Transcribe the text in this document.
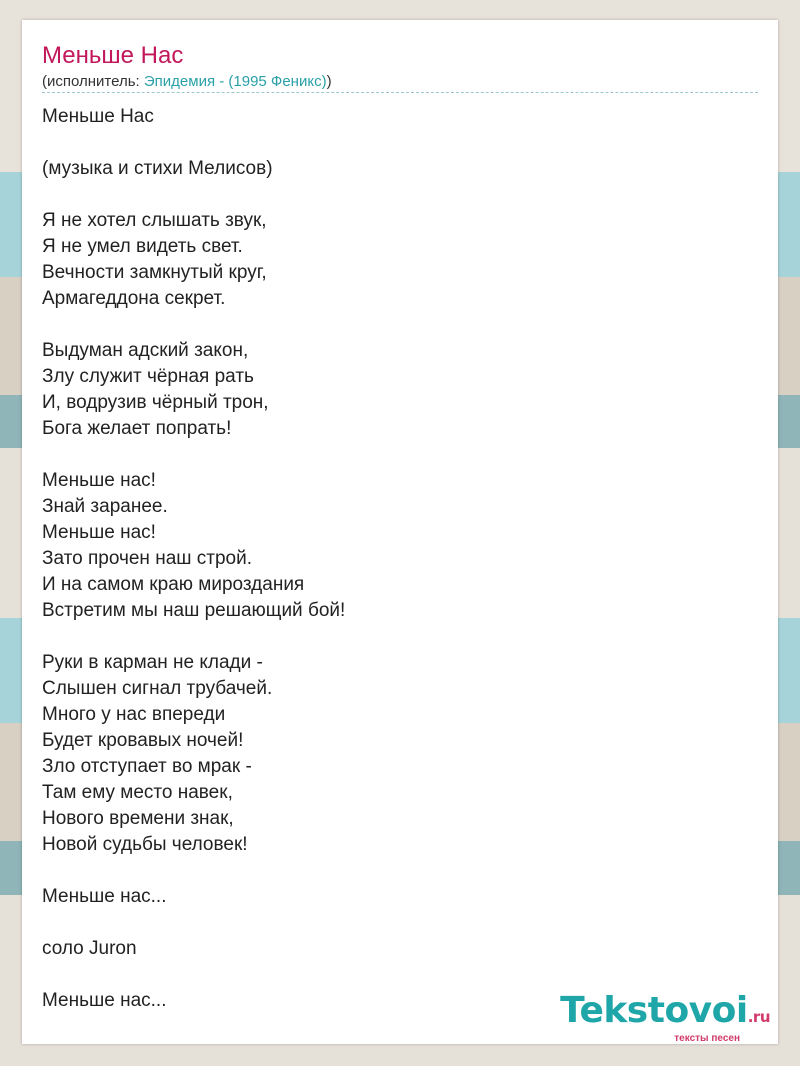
Меньше Нас
(исполнитель: Эпидемия - (1995 Феникс))
Меньше Нас
(музыка и стихи Мелисов)
Я не хотел слышать звук,
Я не умел видеть свет.
Вечности замкнутый круг,
Армагеддона секрет.
Выдуман адский закон,
Злу служит чёрная рать
И, водрузив чёрный трон,
Бога желает попрать!
Меньше нас!
Знай заранее.
Меньше нас!
Зато прочен наш строй.
И на самом краю мироздания
Встретим мы наш решающий бой!
Руки в карман не клади -
Слышен сигнал трубачей.
Много у нас впереди
Будет кровавых ночей!
Зло отступает во мрак -
Там ему место навек,
Нового времени знак,
Новой судьбы человек!
Меньше нас...
соло Juron
Меньше нас...	Tekstovoi.ru
тексты песен
